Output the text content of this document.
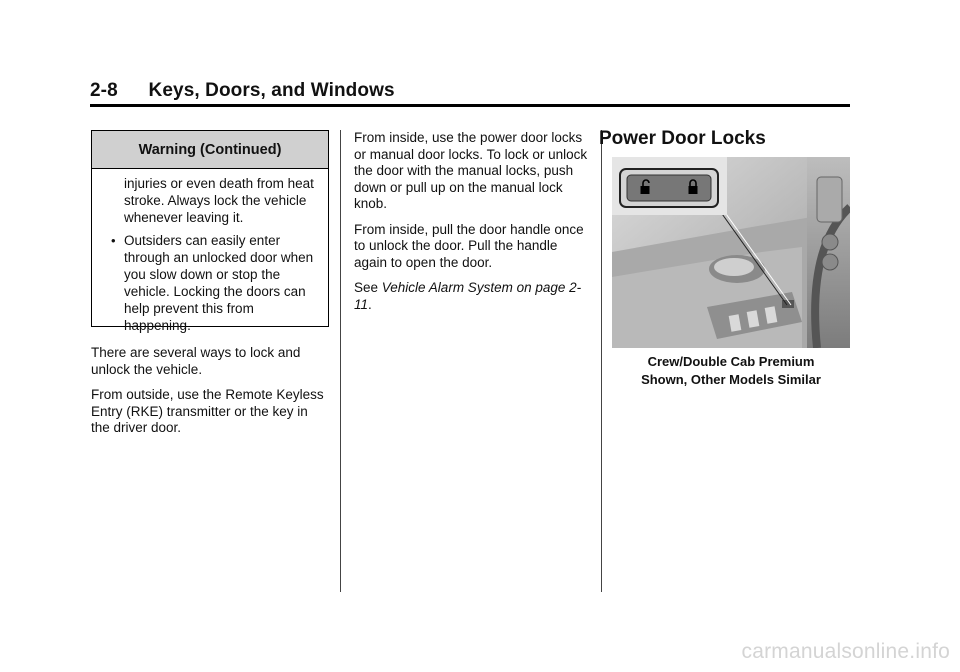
2-8 Keys, Doors, and Windows
Warning (Continued)

injuries or even death from heat stroke. Always lock the vehicle whenever leaving it.

• Outsiders can easily enter through an unlocked door when you slow down or stop the vehicle. Locking the doors can help prevent this from happening.

There are several ways to lock and unlock the vehicle.

From outside, use the Remote Keyless Entry (RKE) transmitter or the key in the driver door.

From inside, use the power door locks or manual door locks. To lock or unlock the door with the manual locks, push down or pull up on the manual lock knob.

From inside, pull the door handle once to unlock the door. Pull the handle again to open the door.

See Vehicle Alarm System on page 2-11.

Power Door Locks
Crew/Double Cab Premium
Shown, Other Models Similar
carmanualsonline.info
